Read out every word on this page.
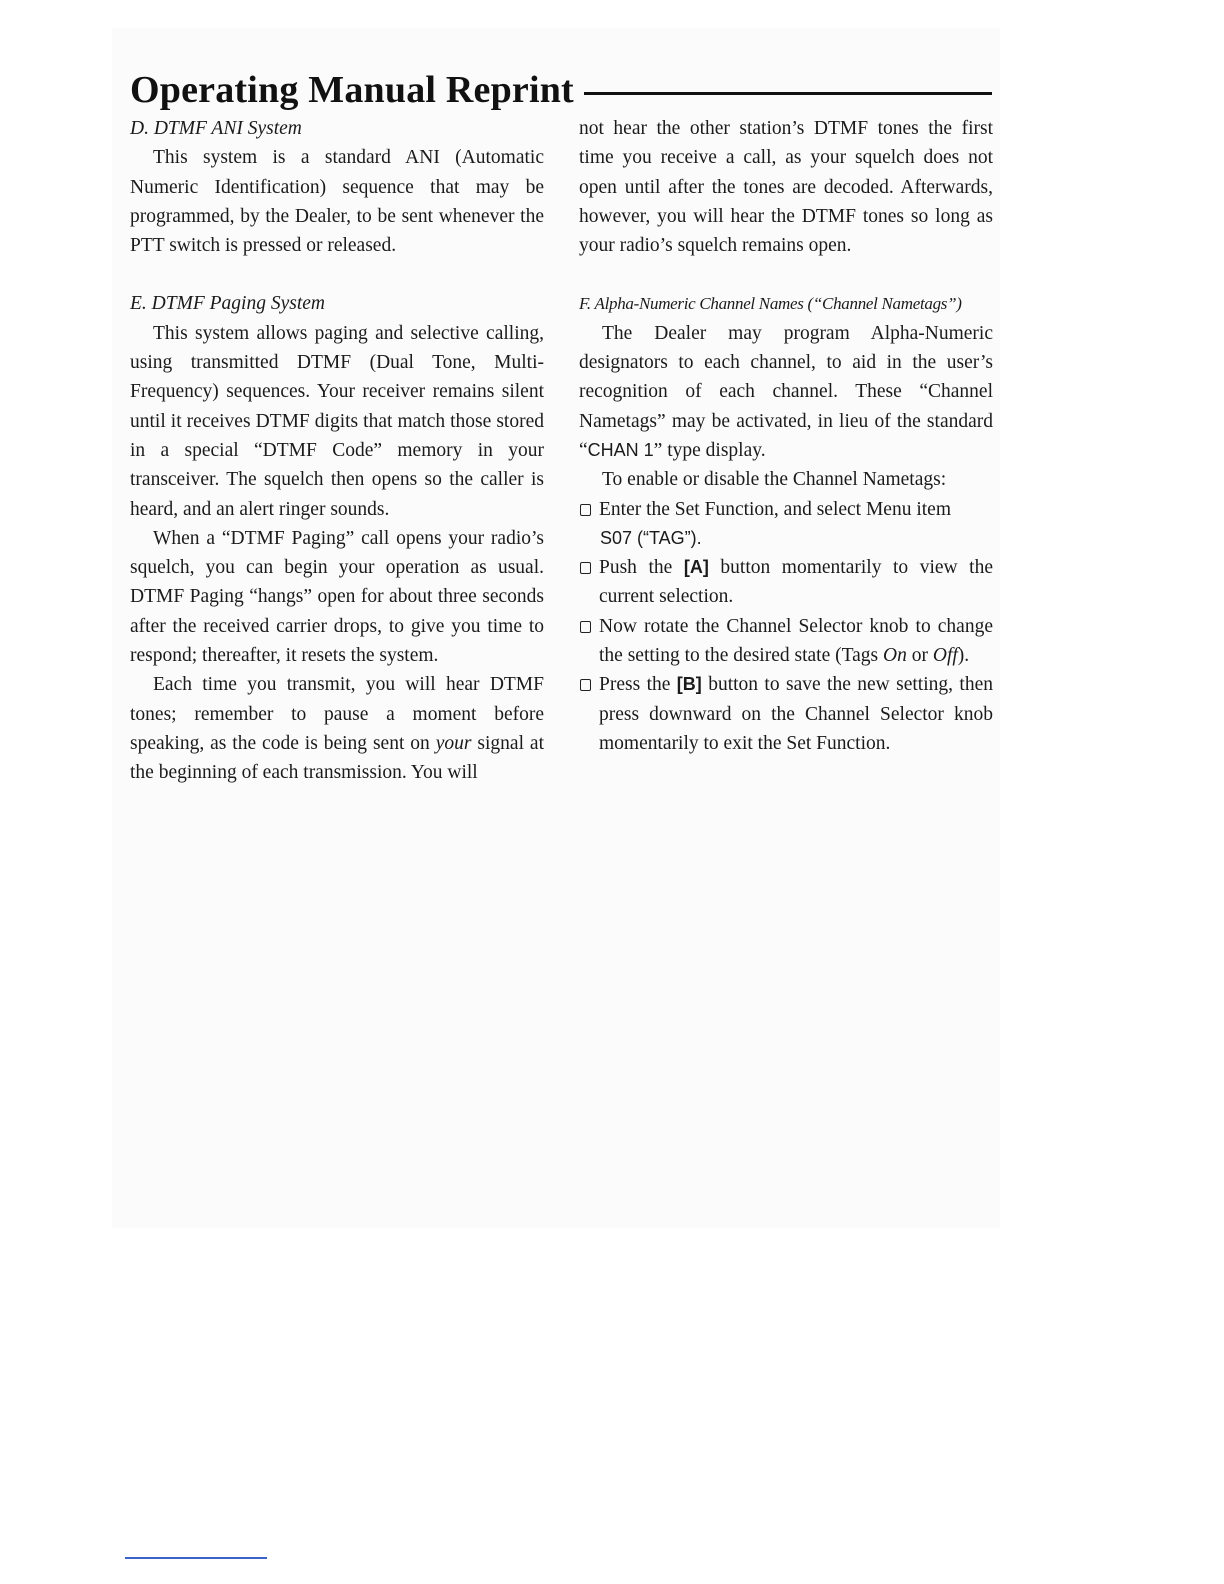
Operating Manual Reprint

D. DTMF ANI System

This system is a standard ANI (Automatic Numeric Identification) sequence that may be programmed, by the Dealer, to be sent whenever the PTT switch is pressed or released.

E. DTMF Paging System

This system allows paging and selective calling, using transmitted DTMF (Dual Tone, Multi-Frequency) sequences. Your receiver remains silent until it receives DTMF digits that match those stored in a special “DTMF Code” memory in your transceiver. The squelch then opens so the caller is heard, and an alert ringer sounds.

When a “DTMF Paging” call opens your radio’s squelch, you can begin your operation as usual. DTMF Paging “hangs” open for about three seconds after the received carrier drops, to give you time to respond; thereafter, it resets the system.

Each time you transmit, you will hear DTMF tones; remember to pause a moment before speaking, as the code is being sent on your signal at the beginning of each transmission. You will

not hear the other station’s DTMF tones the first time you receive a call, as your squelch does not open until after the tones are decoded. Afterwards, however, you will hear the DTMF tones so long as your radio’s squelch remains open.

F. Alpha-Numeric Channel Names (“Channel Nametags”)

The Dealer may program Alpha-Numeric designators to each channel, to aid in the user’s recognition of each channel. These “Channel Nametags” may be activated, in lieu of the standard “CHAN 1” type display.

To enable or disable the Channel Nametags:

Enter the Set Function, and select Menu item
S07 (“TAG”).
Push the [A] button momentarily to view the current selection.
Now rotate the Channel Selector knob to change the setting to the desired state (Tags On or Off).
Press the [B] button to save the new setting, then press downward on the Channel Selector knob momentarily to exit the Set Function.
